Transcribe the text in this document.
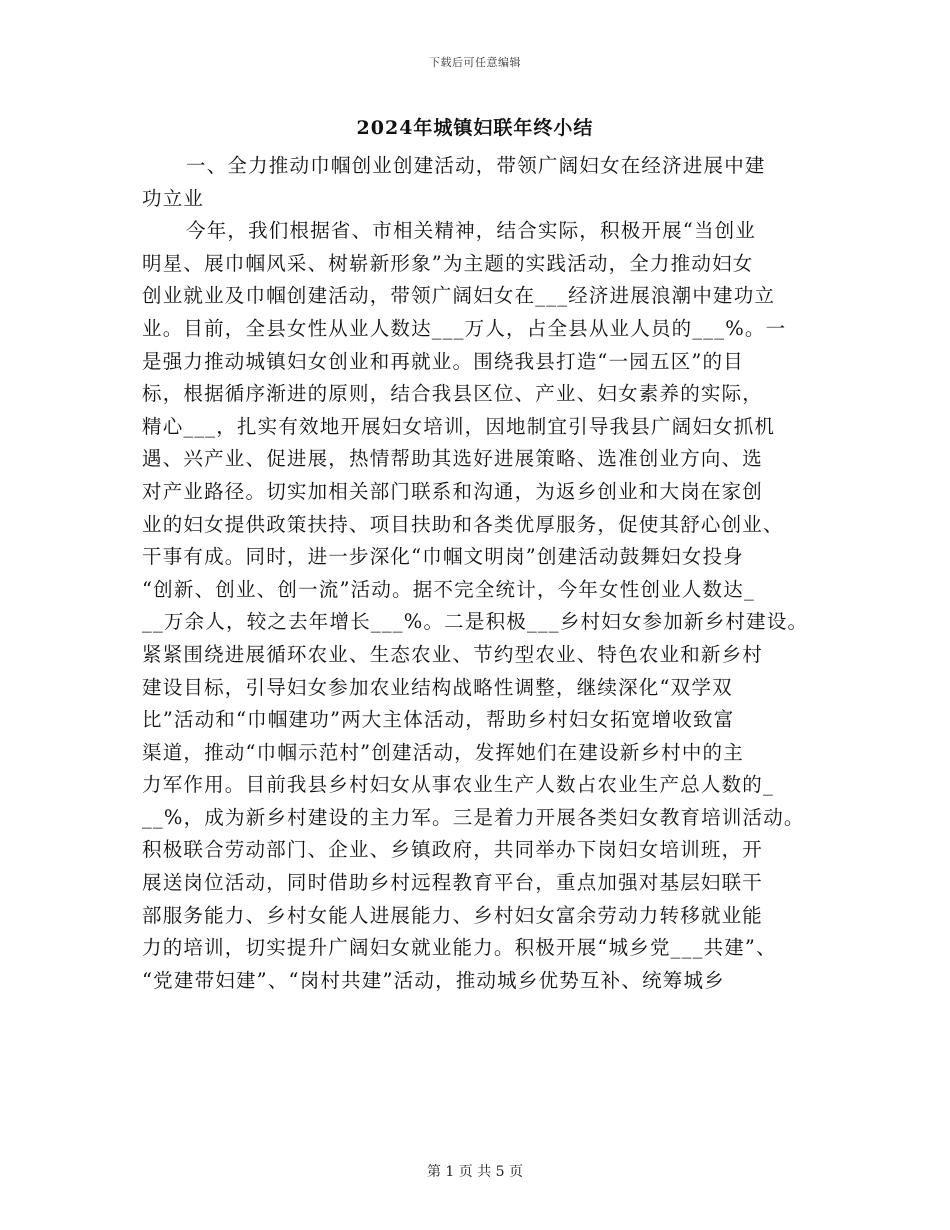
下载后可任意编辑
2024年城镇妇联年终小结
一、全力推动巾帼创业创建活动，带领广阔妇女在经济进展中建
功立业
今年，我们根据省、市相关精神，结合实际，积极开展“当创业
明星、展巾帼风采、树崭新形象”为主题的实践活动，全力推动妇女
创业就业及巾帼创建活动，带领广阔妇女在___经济进展浪潮中建功立
业。目前，全县女性从业人数达___万人，占全县从业人员的___%。一
是强力推动城镇妇女创业和再就业。围绕我县打造“一园五区”的目
标，根据循序渐进的原则，结合我县区位、产业、妇女素养的实际，
精心___，扎实有效地开展妇女培训，因地制宜引导我县广阔妇女抓机
遇、兴产业、促进展，热情帮助其选好进展策略、选准创业方向、选
对产业路径。切实加相关部门联系和沟通，为返乡创业和大岗在家创
业的妇女提供政策扶持、项目扶助和各类优厚服务，促使其舒心创业、
干事有成。同时，进一步深化“巾帼文明岗”创建活动鼓舞妇女投身
“创新、创业、创一流”活动。据不完全统计，今年女性创业人数达_
__万余人，较之去年增长___%。二是积极___乡村妇女参加新乡村建设。
紧紧围绕进展循环农业、生态农业、节约型农业、特色农业和新乡村
建设目标，引导妇女参加农业结构战略性调整，继续深化“双学双
比”活动和“巾帼建功”两大主体活动，帮助乡村妇女拓宽增收致富
渠道，推动“巾帼示范村”创建活动，发挥她们在建设新乡村中的主
力军作用。目前我县乡村妇女从事农业生产人数占农业生产总人数的_
__%，成为新乡村建设的主力军。三是着力开展各类妇女教育培训活动。
积极联合劳动部门、企业、乡镇政府，共同举办下岗妇女培训班，开
展送岗位活动，同时借助乡村远程教育平台，重点加强对基层妇联干
部服务能力、乡村女能人进展能力、乡村妇女富余劳动力转移就业能
力的培训，切实提升广阔妇女就业能力。积极开展“城乡党___共建”、
“党建带妇建”、“岗村共建”活动，推动城乡优势互补、统筹城乡
第 1 页 共 5 页
